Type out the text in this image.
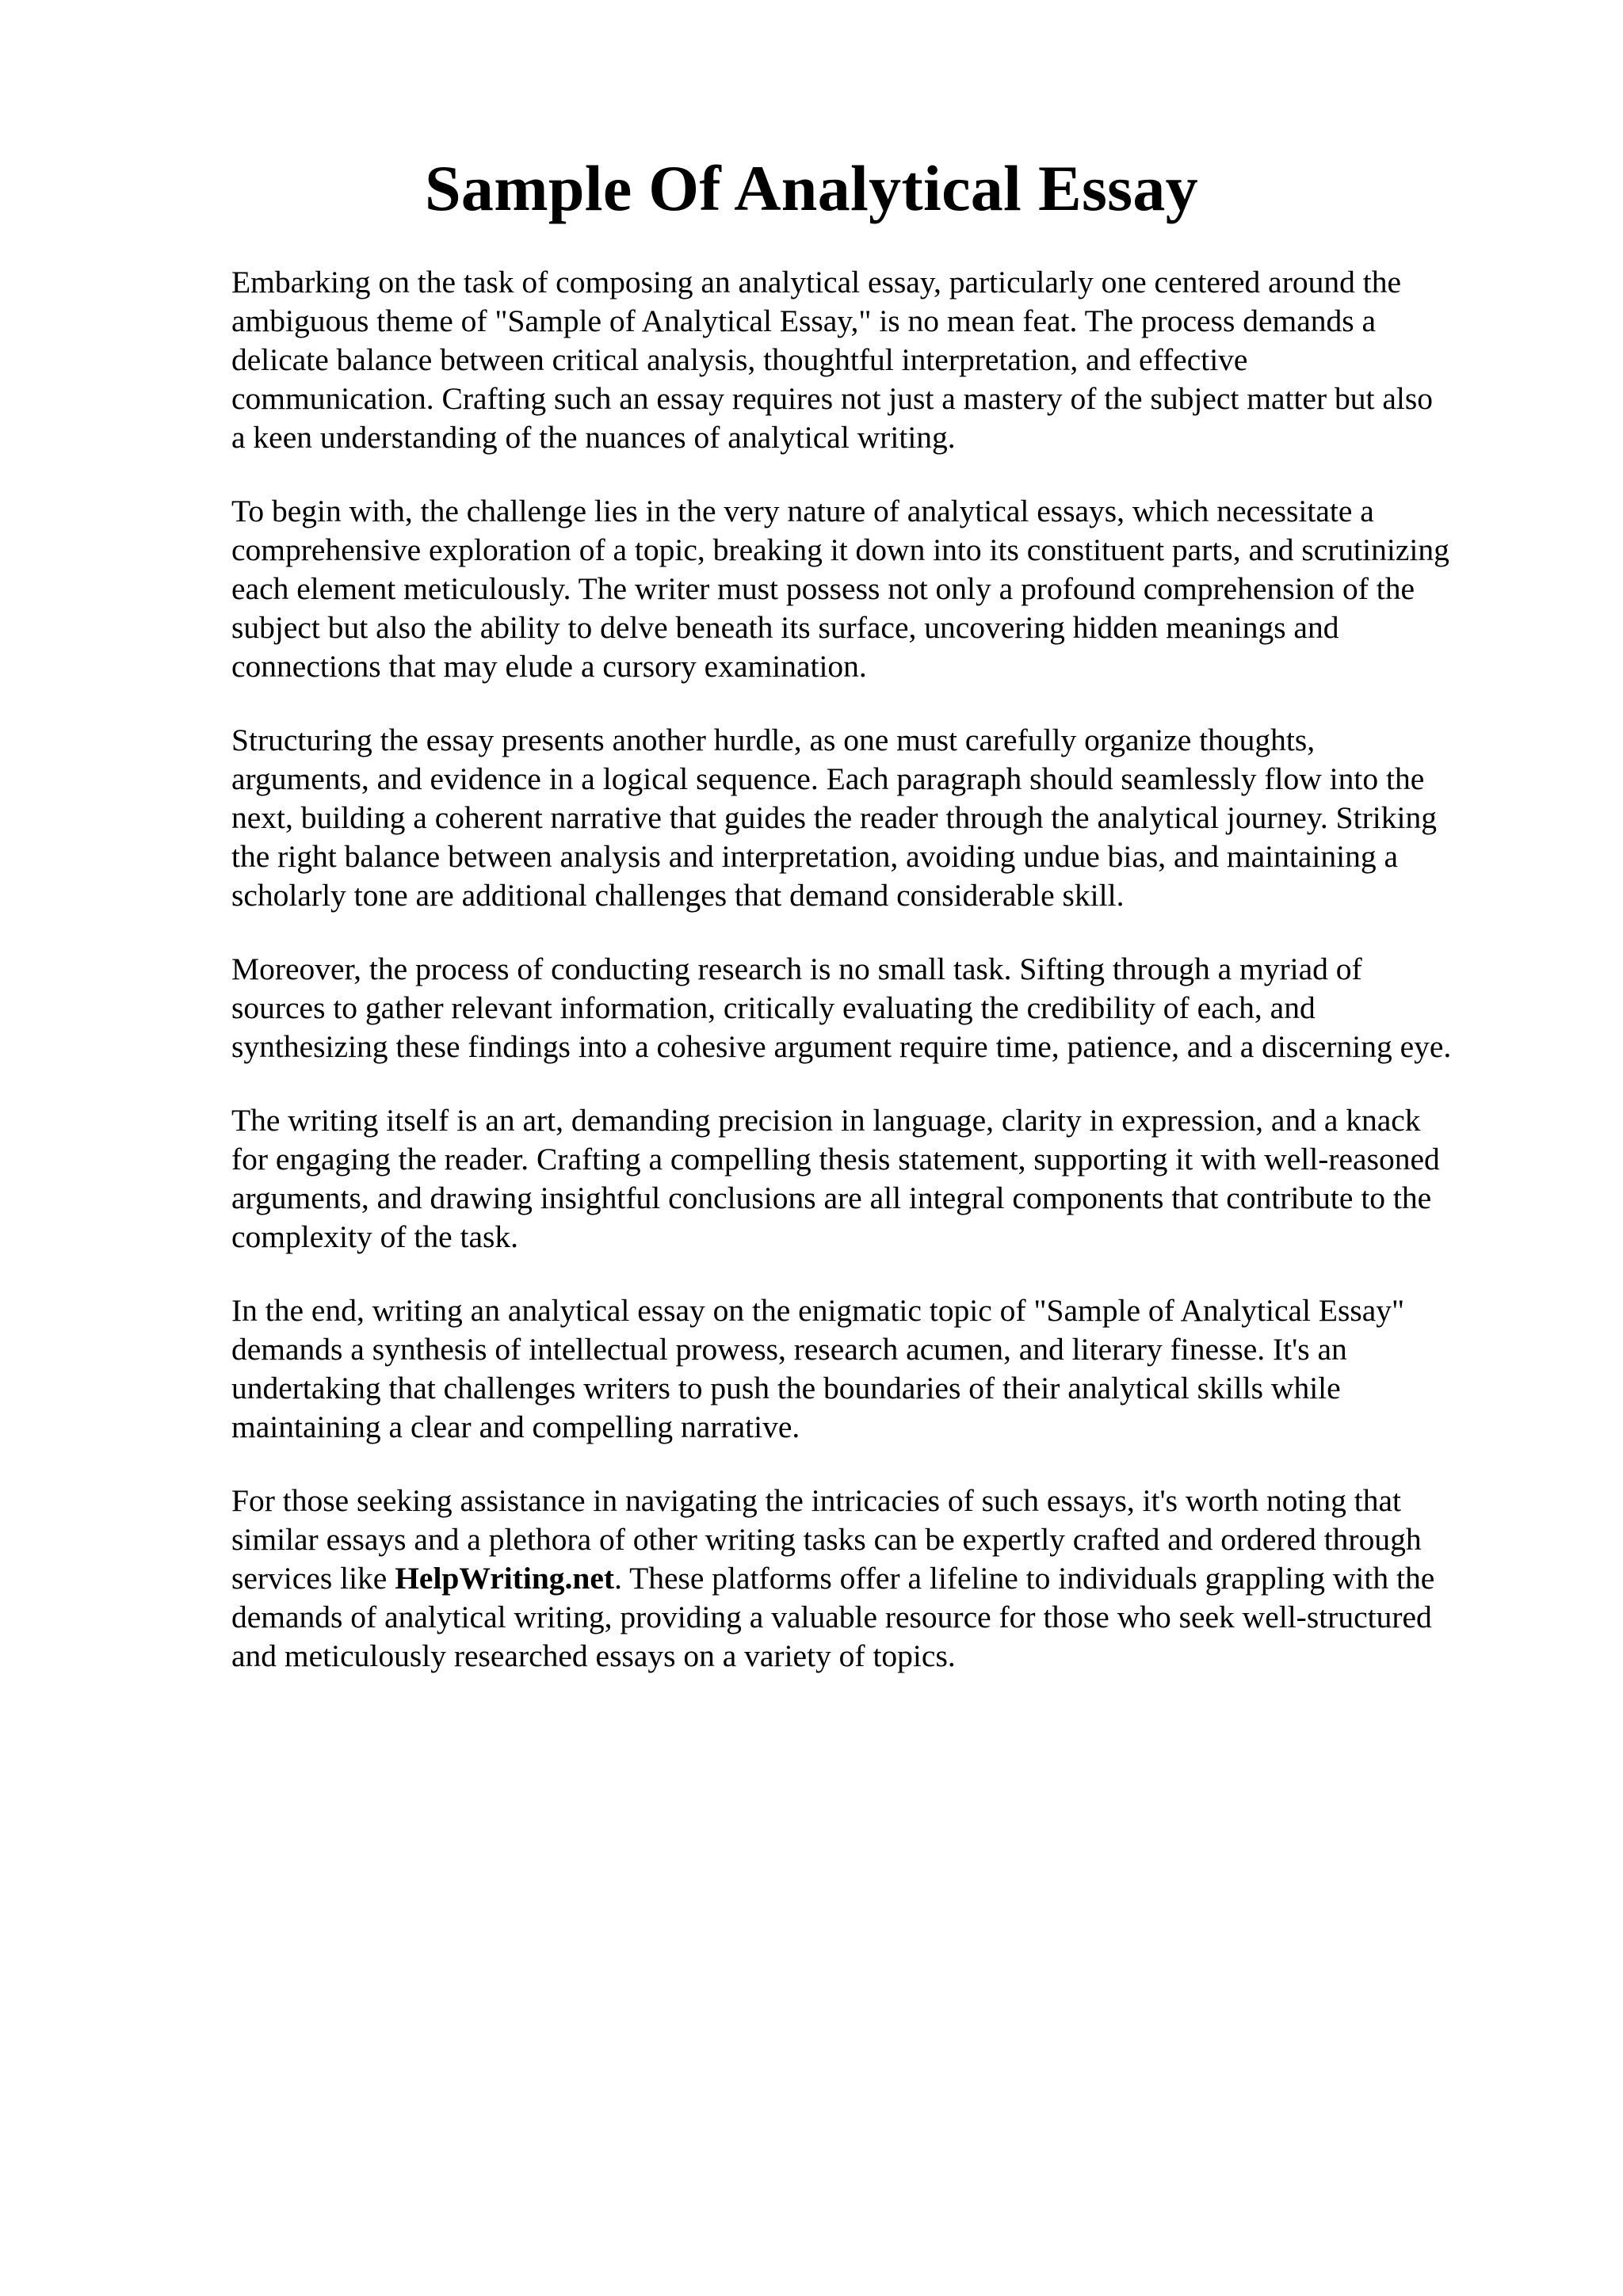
Sample Of Analytical Essay

Embarking on the task of composing an analytical essay, particularly one centered around the
ambiguous theme of "Sample of Analytical Essay," is no mean feat. The process demands a
delicate balance between critical analysis, thoughtful interpretation, and effective
communication. Crafting such an essay requires not just a mastery of the subject matter but also
a keen understanding of the nuances of analytical writing.

To begin with, the challenge lies in the very nature of analytical essays, which necessitate a
comprehensive exploration of a topic, breaking it down into its constituent parts, and scrutinizing
each element meticulously. The writer must possess not only a profound comprehension of the
subject but also the ability to delve beneath its surface, uncovering hidden meanings and
connections that may elude a cursory examination.

Structuring the essay presents another hurdle, as one must carefully organize thoughts,
arguments, and evidence in a logical sequence. Each paragraph should seamlessly flow into the
next, building a coherent narrative that guides the reader through the analytical journey. Striking
the right balance between analysis and interpretation, avoiding undue bias, and maintaining a
scholarly tone are additional challenges that demand considerable skill.

Moreover, the process of conducting research is no small task. Sifting through a myriad of
sources to gather relevant information, critically evaluating the credibility of each, and
synthesizing these findings into a cohesive argument require time, patience, and a discerning eye.

The writing itself is an art, demanding precision in language, clarity in expression, and a knack
for engaging the reader. Crafting a compelling thesis statement, supporting it with well-reasoned
arguments, and drawing insightful conclusions are all integral components that contribute to the
complexity of the task.

In the end, writing an analytical essay on the enigmatic topic of "Sample of Analytical Essay"
demands a synthesis of intellectual prowess, research acumen, and literary finesse. It's an
undertaking that challenges writers to push the boundaries of their analytical skills while
maintaining a clear and compelling narrative.

For those seeking assistance in navigating the intricacies of such essays, it's worth noting that
similar essays and a plethora of other writing tasks can be expertly crafted and ordered through
services like HelpWriting.net. These platforms offer a lifeline to individuals grappling with the
demands of analytical writing, providing a valuable resource for those who seek well-structured
and meticulously researched essays on a variety of topics.
